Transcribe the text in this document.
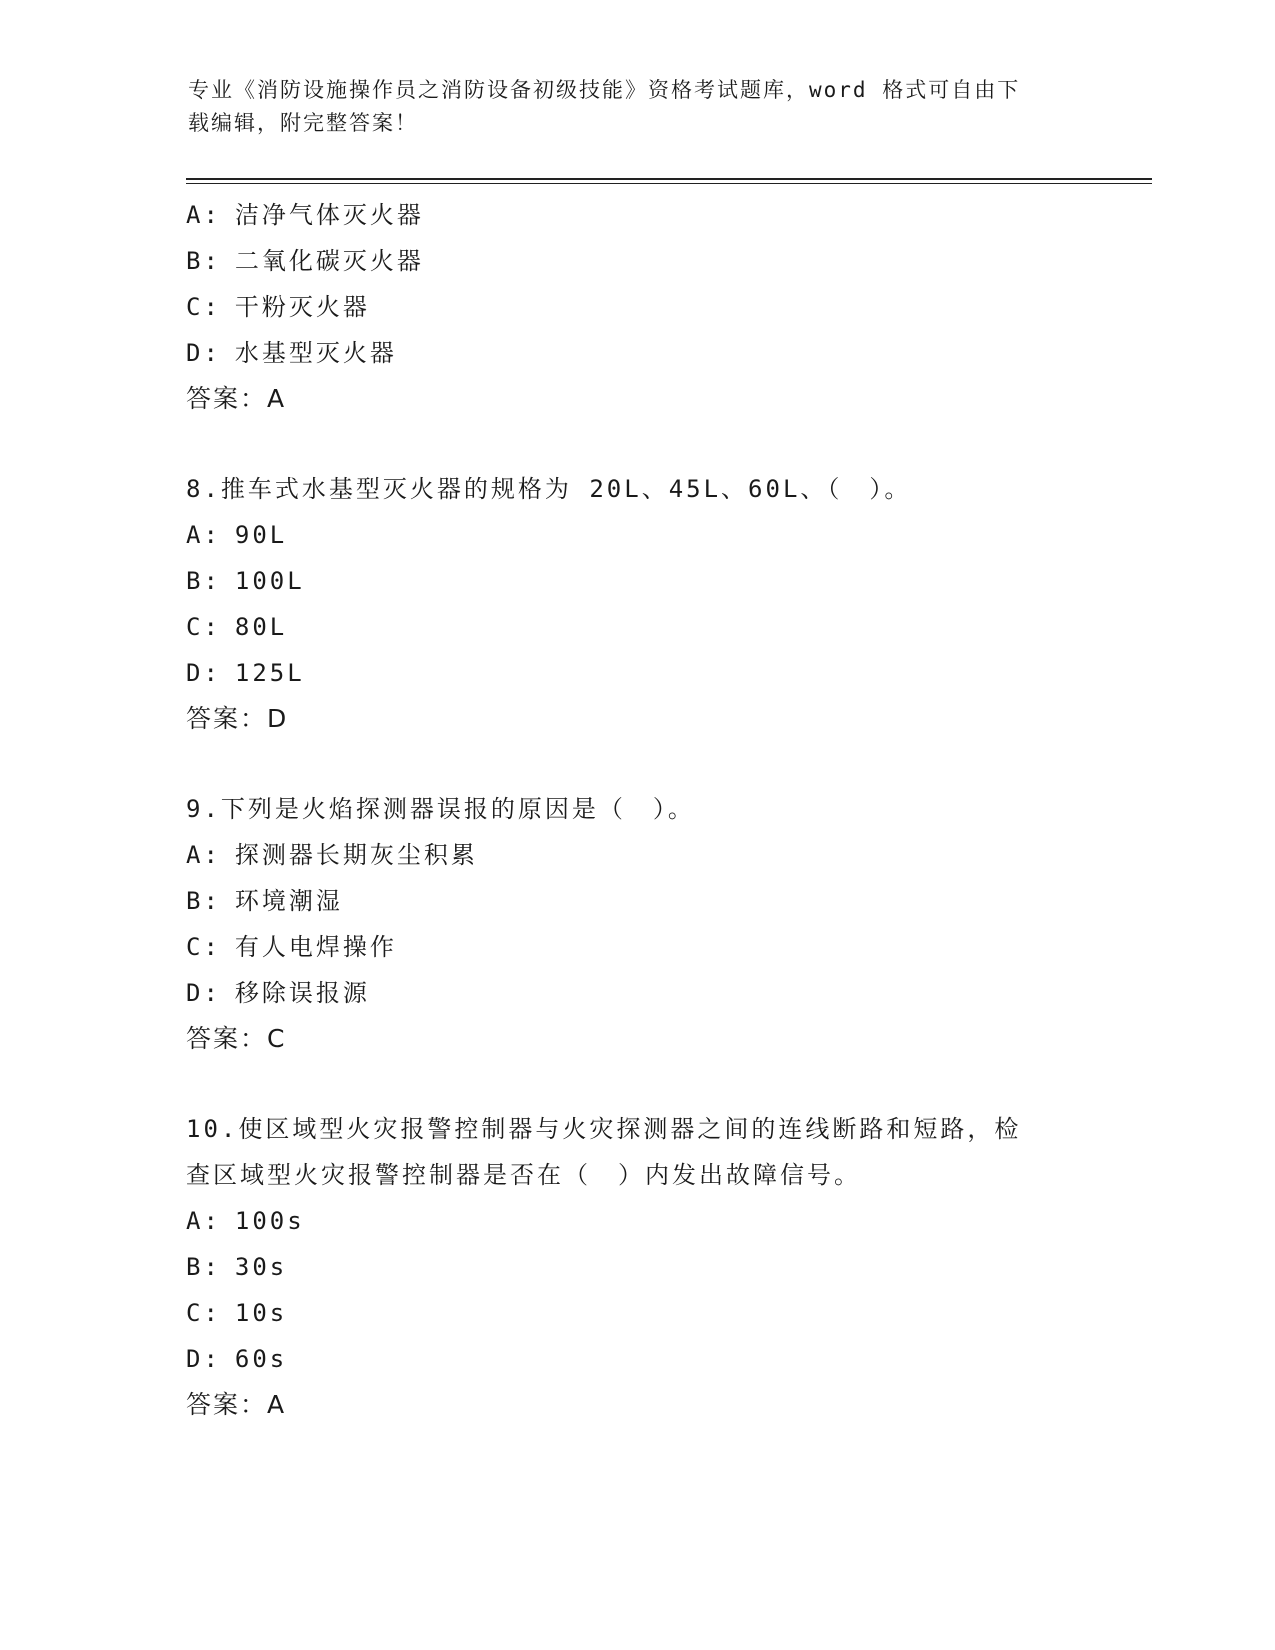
专业《消防设施操作员之消防设备初级技能》资格考试题库，word 格式可自由下
载编辑，附完整答案！
A: 洁净气体灭火器
B: 二氧化碳灭火器
C: 干粉灭火器
D: 水基型灭火器
答案：A
8.推车式水基型灭火器的规格为 20L、45L、60L、（　）。
A: 90L
B: 100L
C: 80L
D: 125L
答案：D
9.下列是火焰探测器误报的原因是（　）。
A: 探测器长期灰尘积累
B: 环境潮湿
C: 有人电焊操作
D: 移除误报源
答案：C
10.使区域型火灾报警控制器与火灾探测器之间的连线断路和短路，检
查区域型火灾报警控制器是否在（　）内发出故障信号。
A: 100s
B: 30s
C: 10s
D: 60s
答案：A
